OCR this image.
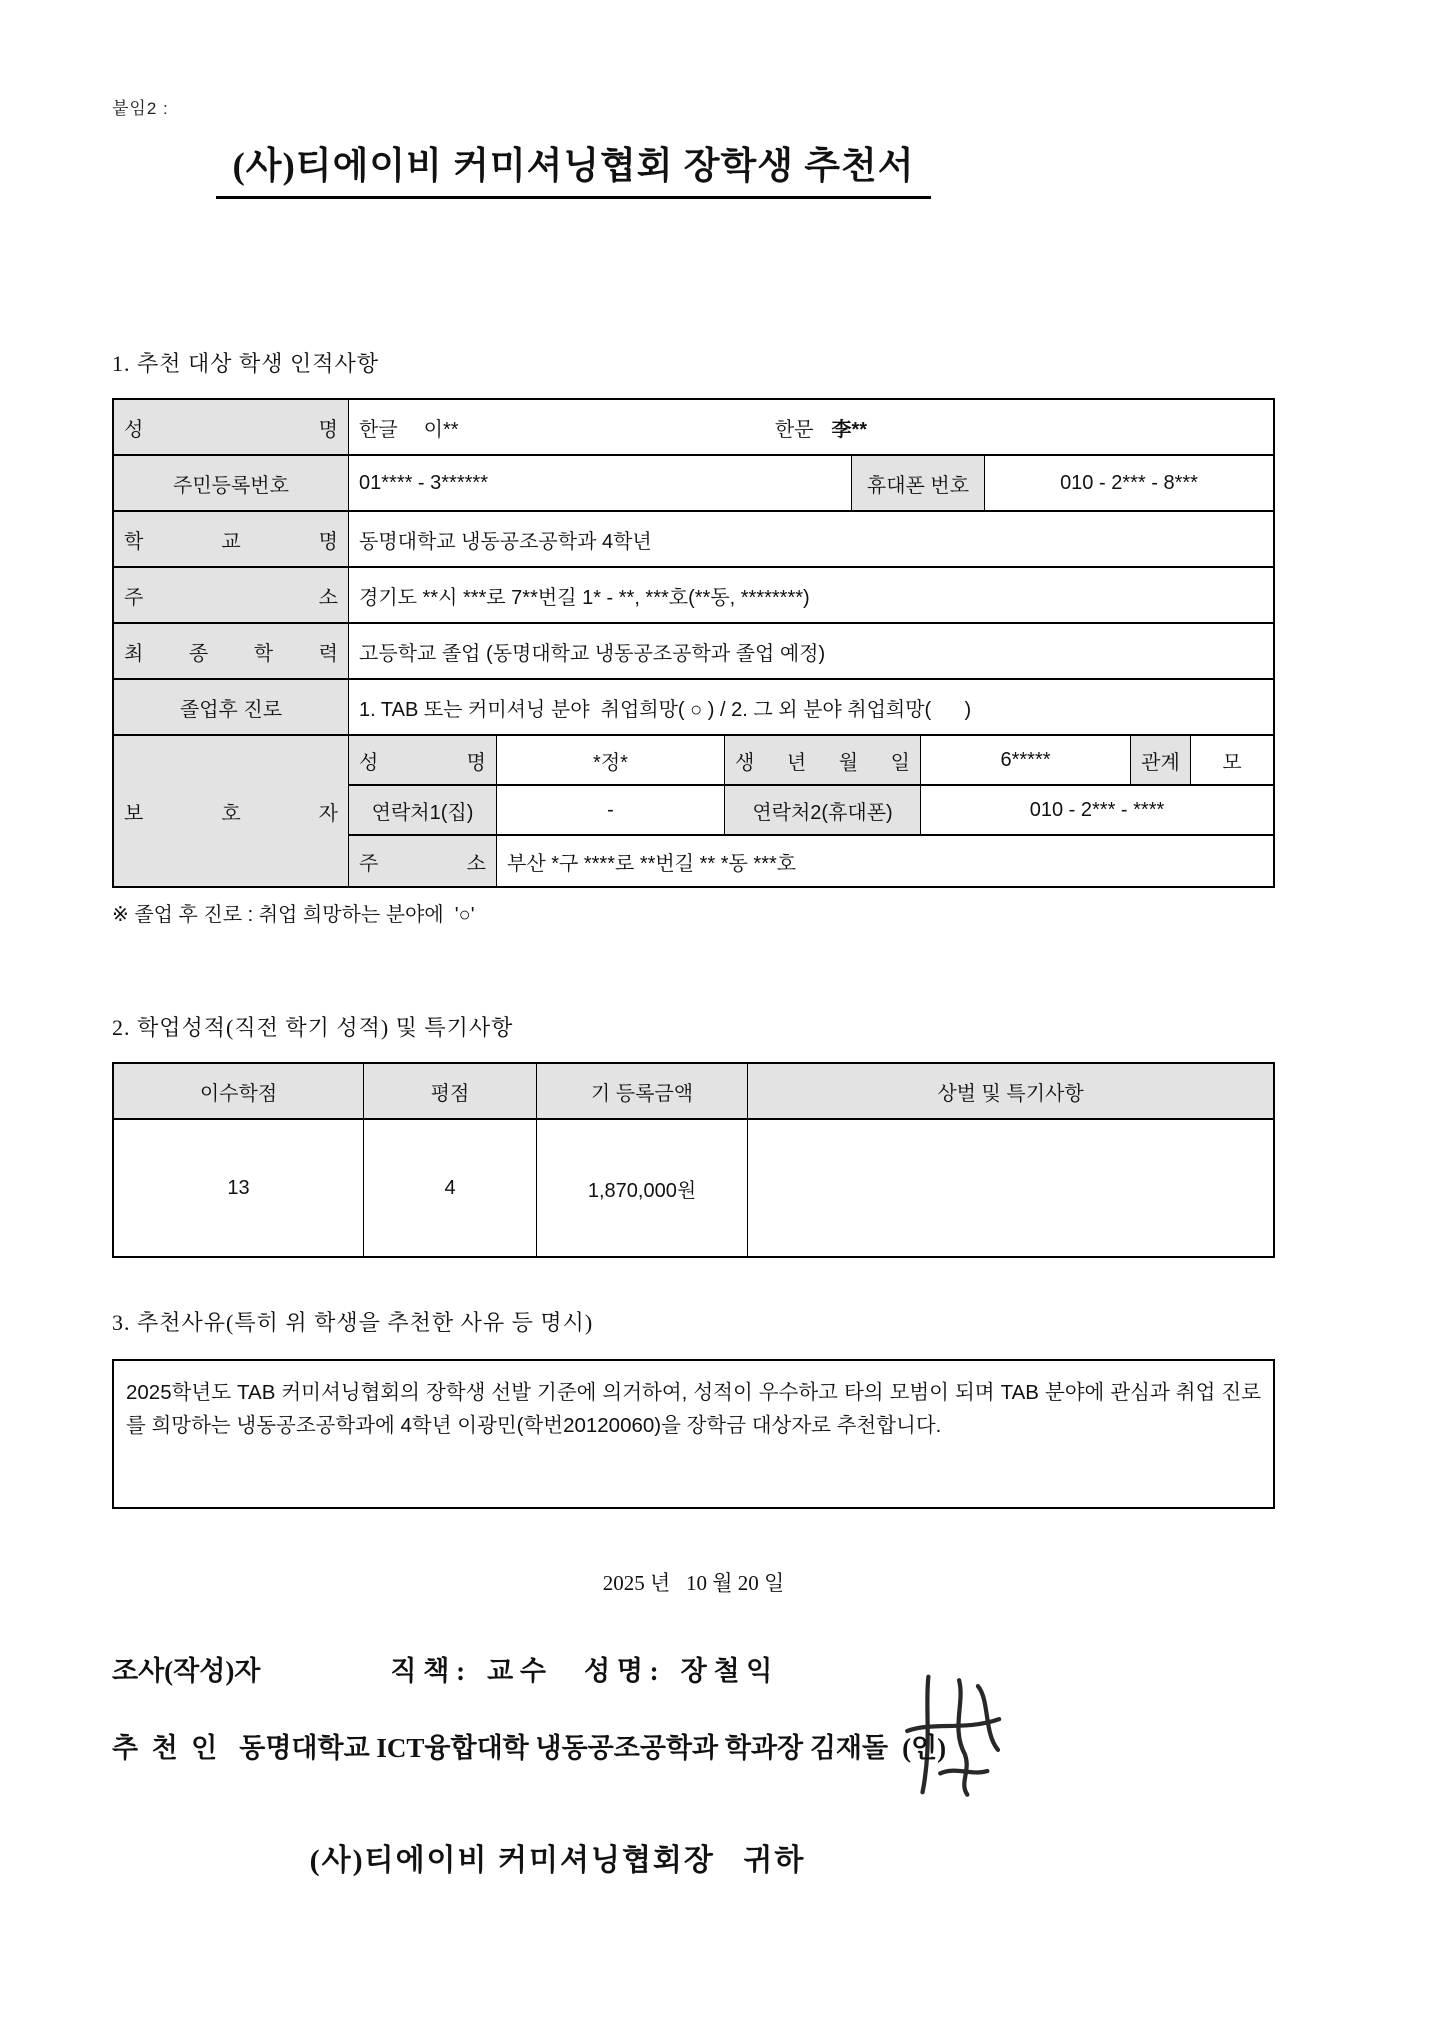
붙임2 :
(사)티에이비 커미셔닝협회 장학생 추천서
1. 추천 대상 학생 인적사항
성 명	한글 이**	한문 李**
주민등록번호	01**** - 3******	휴대폰 번호	010 - 2*** - 8***
학 교 명	동명대학교 냉동공조공학과 4학년
주 소	경기도 **시 ***로 7**번길 1* - **, ***호(**동, ********)
최 종 학 력	고등학교 졸업 (동명대학교 냉동공조공학과 졸업 예정)
졸업후 진로	1. TAB 또는 커미셔닝 분야  취업희망( ○ ) / 2. 그 외 분야 취업희망(      )
보 호 자
성 명	*정*	생 년 월 일	6*****	관계	모
연락처1(집)	-	연락처2(휴대폰)	010 - 2*** - ****
주 소	부산 *구 ****로 **번길 ** *동 ***호
※ 졸업 후 진로 : 취업 희망하는 분야에  '○'
2. 학업성적(직전 학기 성적) 및 특기사항
이수학점	평점	기 등록금액	상벌 및 특기사항
13	4	1,870,000원
3. 추천사유(특히 위 학생을 추천한 사유 등 명시)
2025학년도 TAB 커미셔닝협회의 장학생 선발 기준에 의거하여, 성적이 우수하고 타의 모범이 되며 TAB 분야에 관심과 취업 진로를 희망하는 냉동공조공학과에 4학년 이광민(학번20120060)을 장학금 대상자로 추천합니다.
2025 년   10 월 20 일
조사(작성)자	직 책 : 교 수 성 명 : 장 철 익
추  천  인 동명대학교 ICT융합대학 냉동공조공학과 학과장 김재돌 (인)
(사)티에이비 커미셔닝협회장   귀하
